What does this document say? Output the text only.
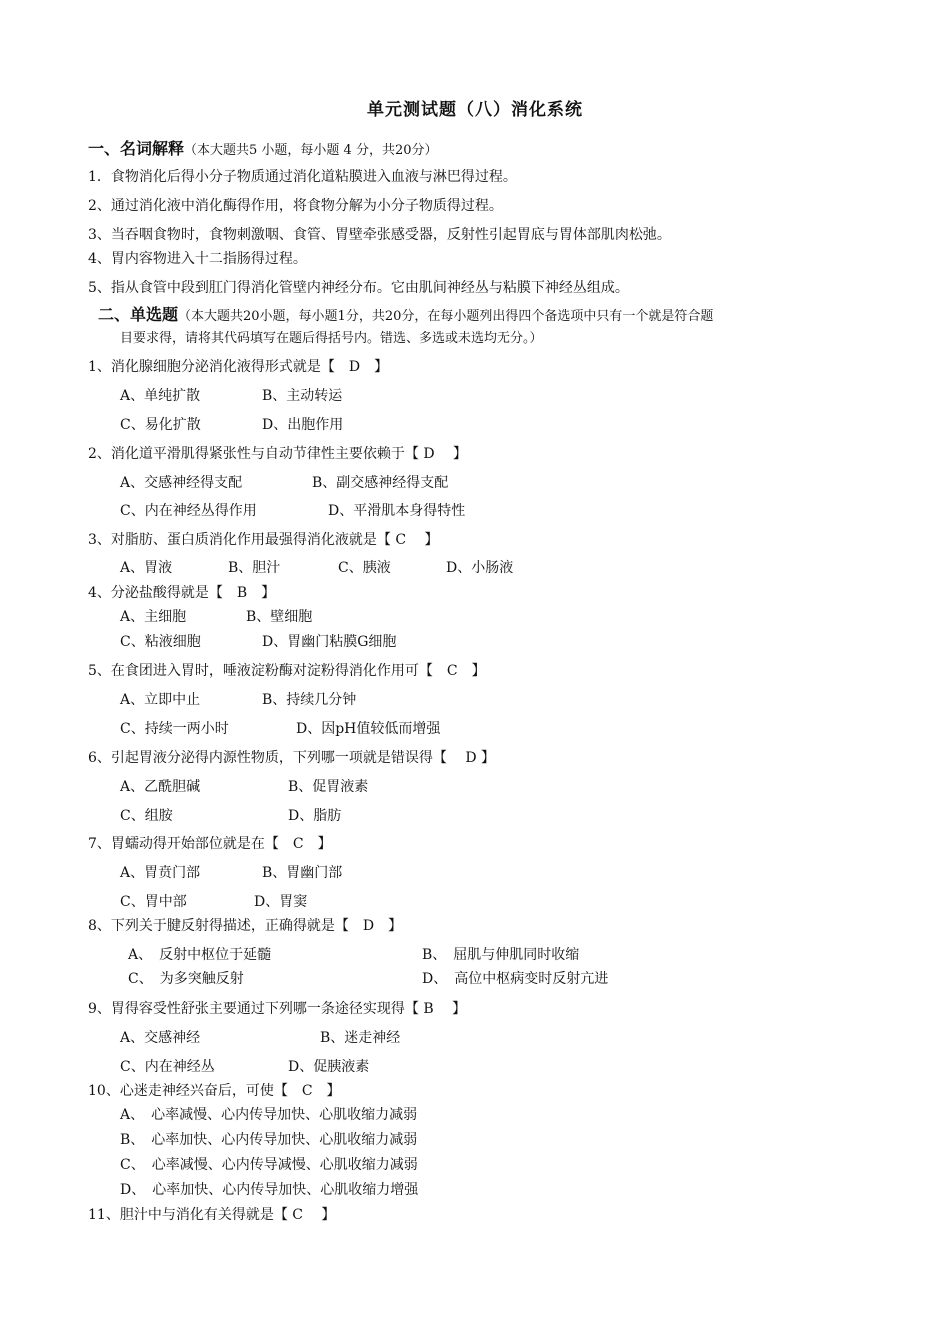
单元测试题（八）消化系统
一、名词解释（本大题共5 小题，每小题 4 分，共20分）
1．食物消化后得小分子物质通过消化道粘膜进入血液与淋巴得过程。
2、通过消化液中消化酶得作用，将食物分解为小分子物质得过程。
3、当吞咽食物时，食物刺激咽、食管、胃壁牵张感受器，反射性引起胃底与胃体部肌肉松弛。
4、胃内容物进入十二指肠得过程。
5、指从食管中段到肛门得消化管壁内神经分布。它由肌间神经丛与粘膜下神经丛组成。
二、单选题（本大题共20小题，每小题1分，共20分，在每小题列出得四个备选项中只有一个就是符合题
目要求得，请将其代码填写在题后得括号内。错选、多选或未选均无分。）
1、消化腺细胞分泌消化液得形式就是【　D　】
A、单纯扩散	B、主动转运
C、易化扩散	D、出胞作用
2、消化道平滑肌得紧张性与自动节律性主要依赖于【 D　 】
A、交感神经得支配	B、副交感神经得支配
C、内在神经丛得作用	D、平滑肌本身得特性
3、对脂肪、蛋白质消化作用最强得消化液就是【 C　 】
A、胃液	B、胆汁	C、胰液	D、小肠液
4、分泌盐酸得就是【　B　】
A、主细胞	B、壁细胞
C、粘液细胞	D、胃幽门粘膜G细胞
5、在食团进入胃时，唾液淀粉酶对淀粉得消化作用可【　C　】
A、立即中止	B、持续几分钟
C、持续一两小时	D、因pH值较低而增强
6、引起胃液分泌得内源性物质，下列哪一项就是错误得【　 D 】
A、乙酰胆碱	B、促胃液素
C、组胺	D、脂肪
7、胃蠕动得开始部位就是在【　C　】
A、胃贲门部	B、胃幽门部
C、胃中部	D、胃窦
8、下列关于腱反射得描述，正确得就是【　D　】
A、　反射中枢位于延髓	B、　屈肌与伸肌同时收缩
C、　为多突触反射	D、　高位中枢病变时反射亢进
9、胃得容受性舒张主要通过下列哪一条途径实现得【 B　 】
A、交感神经	B、迷走神经
C、内在神经丛	D、促胰液素
10、心迷走神经兴奋后，可使【　C　】
A、　心率减慢、心内传导加快、心肌收缩力减弱
B、　心率加快、心内传导加快、心肌收缩力减弱
C、　心率减慢、心内传导减慢、心肌收缩力减弱
D、　心率加快、心内传导加快、心肌收缩力增强
11、胆汁中与消化有关得就是【 C　 】
